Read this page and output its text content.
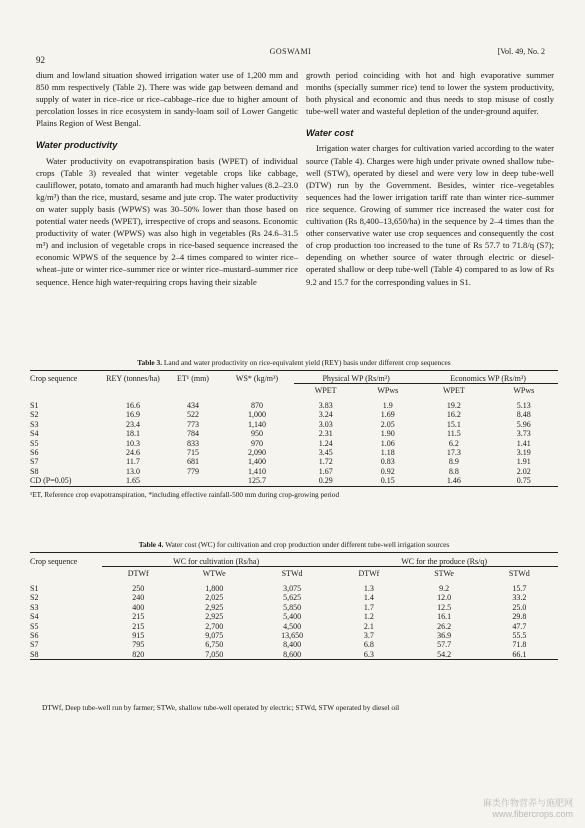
92
GOSWAMI	[Vol. 49, No. 2

dium and lowland situation showed irrigation water use of 1,200 mm and 850 mm respectively (Table 2). There was wide gap between demand and supply of water in rice–rice or rice–cabbage–rice due to higher amount of percolation losses in rice ecosystem in sandy-loam soil of Lower Gangetic Plains Region of West Bengal.

Water productivity

Water productivity on evapotranspiration basis (WPET) of individual crops (Table 3) revealed that winter vegetable crops like cabbage, cauliflower, potato, tomato and amaranth had much higher values (8.2–23.0 kg/m³) than the rice, mustard, sesame and jute crop. The water productivity on water supply basis (WPWS) was 30–50% lower than those based on potential water needs (WPET), irrespective of crops and seasons. Economic productivity of water (WPWS) was also high in vegetables (Rs 24.6–31.5 m³) and inclusion of vegetable crops in rice-based sequence increased the economic WPWS of the sequence by 2–4 times compared to winter rice–wheat–jute or winter rice–summer rice or winter rice–mustard–summer rice sequence. Hence high water-requiring crops having their sizable

growth period coinciding with hot and high evaporative summer months (specially summer rice) tend to lower the system productivity, both physical and economic and thus needs to stop misuse of costly tube-well water and wasteful depletion of the under-ground aquifer.

Water cost

Irrigation water charges for cultivation varied according to the water source (Table 4). Charges were high under private owned shallow tube-well (STW), operated by diesel and were very low in deep tube-well (DTW) run by the Government. Besides, winter rice–vegetables sequences had the lower irrigation tariff rate than winter rice–summer rice sequence. Growing of summer rice increased the water cost for cultivation (Rs 8,400–13,650/ha) in the sequence by 2–4 times than the other conservative water use crop sequences and consequently the cost of crop production too increased to the tune of Rs 57.7 to 71.8/q (S7); depending on whether source of water through electric or diesel-operated shallow or deep tube-well (Table 4) compared to as low of Rs 9.2 and 15.7 for the corresponding values in S1.

Table 3. Land and water productivity on rice-equivalent yield (REY) basis under different crop sequences
Crop sequence	REY (tonnes/ha)	ET¹ (mm)	WS* (kg/m³)	Physical WP (Rs/m³)		Economics WP (Rs/m³)	
				WPET	WPws	WPET	WPws
S1	16.6	434	870	3.83	1.9	19.2	5.13
S2	16.9	522	1,000	3.24	1.69	16.2	8.48
S3	23.4	773	1,140	3.03	2.05	15.1	5.96
S4	18.1	784	950	2.31	1.90	11.5	3.73
S5	10.3	833	970	1.24	1.06	6.2	1.41
S6	24.6	715	2,090	3.45	1.18	17.3	3.19
S7	11.7	681	1,400	1.72	0.83	8.9	1.91
S8	13.0	779	1,410	1.67	0.92	8.8	2.02
CD (P=0.05)	1.65		125.7	0.29	0.15	1.46	0.75
¹ET, Reference crop evapotranspiration, *including effective rainfall-500 mm during crop-growing period
Table 4. Water cost (WC) for cultivation and crop production under different tube-well irrigation sources
Crop sequence	WC for cultivation (Rs/ha)			WC for the produce (Rs/q)		
	DTWf	WTWe	STWd	DTWf	STWe	STWd
S1	250	1,800	3,075	1.3	9.2	15.7
S2	240	2,025	5,625	1.4	12.0	33.2
S3	400	2,925	5,850	1.7	12.5	25.0
S4	215	2,925	5,400	1.2	16.1	29.8
S5	215	2,700	4,500	2.1	26.2	47.7
S6	915	9,075	13,650	3.7	36.9	55.5
S7	795	6,750	8,400	6.8	57.7	71.8
S8	820	7,050	8,600	6.3	54.2	66.1
DTWf, Deep tube-well run by farmer; STWe, shallow tube-well operated by electric; STWd, STW operated by diesel oil
麻类作物营养与施肥网
www.fibercrops.com
